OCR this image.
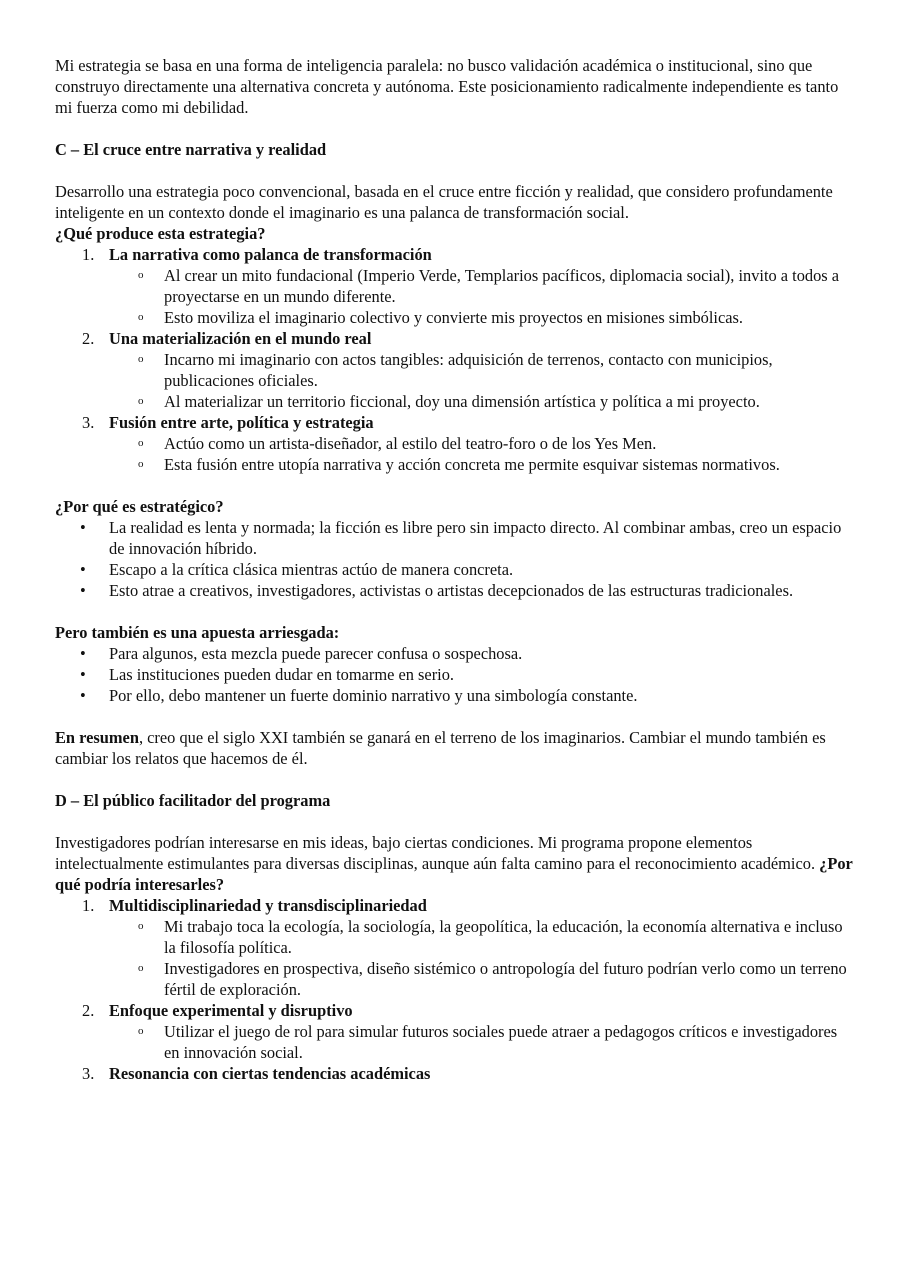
Mi estrategia se basa en una forma de inteligencia paralela: no busco validación académica o institucional, sino que construyo directamente una alternativa concreta y autónoma. Este posicionamiento radicalmente independiente es tanto mi fuerza como mi debilidad.

C – El cruce entre narrativa y realidad

Desarrollo una estrategia poco convencional, basada en el cruce entre ficción y realidad, que considero profundamente inteligente en un contexto donde el imaginario es una palanca de transformación social.
¿Qué produce esta estrategia?

1. La narrativa como palanca de transformación
o Al crear un mito fundacional (Imperio Verde, Templarios pacíficos, diplomacia social), invito a todos a proyectarse en un mundo diferente.
o Esto moviliza el imaginario colectivo y convierte mis proyectos en misiones simbólicas.
2. Una materialización en el mundo real
o Incarno mi imaginario con actos tangibles: adquisición de terrenos, contacto con municipios, publicaciones oficiales.
o Al materializar un territorio ficcional, doy una dimensión artística y política a mi proyecto.
3. Fusión entre arte, política y estrategia
o Actúo como un artista-diseñador, al estilo del teatro-foro o de los Yes Men.
o Esta fusión entre utopía narrativa y acción concreta me permite esquivar sistemas normativos.

¿Por qué es estratégico?

• La realidad es lenta y normada; la ficción es libre pero sin impacto directo. Al combinar ambas, creo un espacio de innovación híbrido.
• Escapo a la crítica clásica mientras actúo de manera concreta.
• Esto atrae a creativos, investigadores, activistas o artistas decepcionados de las estructuras tradicionales.

Pero también es una apuesta arriesgada:

• Para algunos, esta mezcla puede parecer confusa o sospechosa.
• Las instituciones pueden dudar en tomarme en serio.
• Por ello, debo mantener un fuerte dominio narrativo y una simbología constante.

En resumen, creo que el siglo XXI también se ganará en el terreno de los imaginarios. Cambiar el mundo también es cambiar los relatos que hacemos de él.

D – El público facilitador del programa

Investigadores podrían interesarse en mis ideas, bajo ciertas condiciones. Mi programa propone elementos intelectualmente estimulantes para diversas disciplinas, aunque aún falta camino para el reconocimiento académico. ¿Por qué podría interesarles?

1. Multidisciplinariedad y transdisciplinariedad
o Mi trabajo toca la ecología, la sociología, la geopolítica, la educación, la economía alternativa e incluso la filosofía política.
o Investigadores en prospectiva, diseño sistémico o antropología del futuro podrían verlo como un terreno fértil de exploración.
2. Enfoque experimental y disruptivo
o Utilizar el juego de rol para simular futuros sociales puede atraer a pedagogos críticos e investigadores en innovación social.
3. Resonancia con ciertas tendencias académicas
